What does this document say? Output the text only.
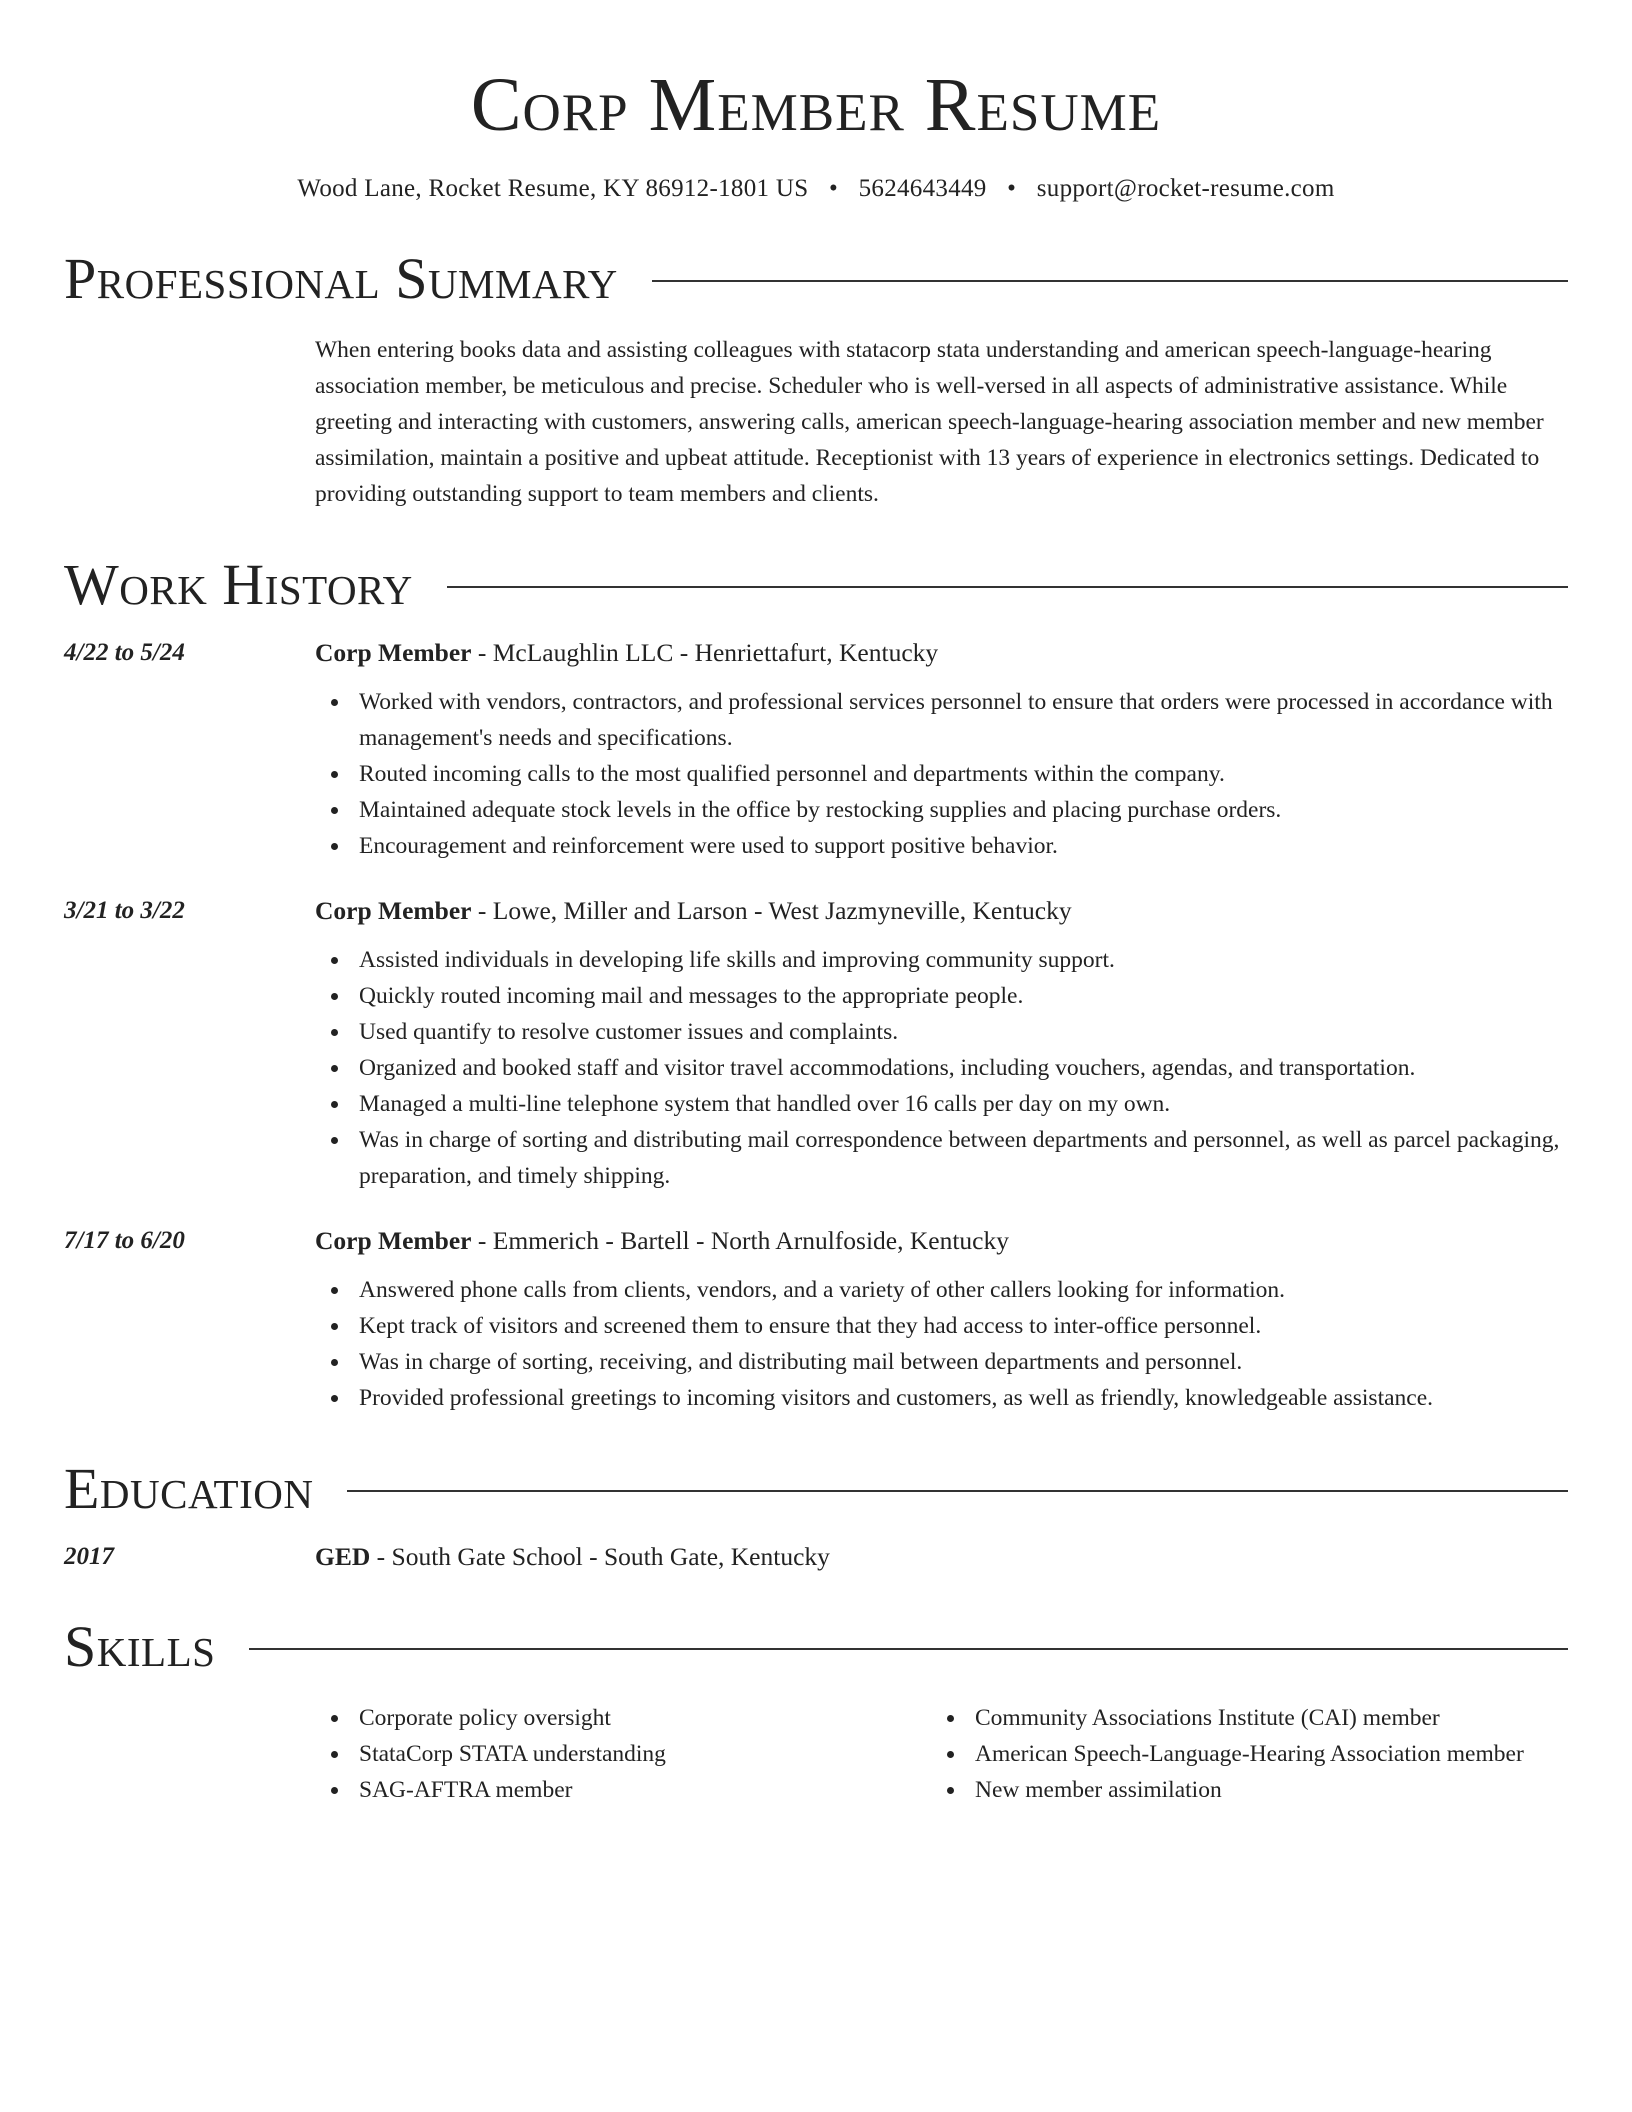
Corp Member Resume
Wood Lane, Rocket Resume, KY 86912-1801 US • 5624643449 • support@rocket-resume.com
Professional Summary
When entering books data and assisting colleagues with statacorp stata understanding and american speech-language-hearing association member, be meticulous and precise. Scheduler who is well-versed in all aspects of administrative assistance. While greeting and interacting with customers, answering calls, american speech-language-hearing association member and new member assimilation, maintain a positive and upbeat attitude. Receptionist with 13 years of experience in electronics settings. Dedicated to providing outstanding support to team members and clients.
Work History
4/22 to 5/24	Corp Member - McLaughlin LLC - Henriettafurt, Kentucky
Worked with vendors, contractors, and professional services personnel to ensure that orders were processed in accordance with management's needs and specifications.
Routed incoming calls to the most qualified personnel and departments within the company.
Maintained adequate stock levels in the office by restocking supplies and placing purchase orders.
Encouragement and reinforcement were used to support positive behavior.
3/21 to 3/22	Corp Member - Lowe, Miller and Larson - West Jazmyneville, Kentucky
Assisted individuals in developing life skills and improving community support.
Quickly routed incoming mail and messages to the appropriate people.
Used quantify to resolve customer issues and complaints.
Organized and booked staff and visitor travel accommodations, including vouchers, agendas, and transportation.
Managed a multi-line telephone system that handled over 16 calls per day on my own.
Was in charge of sorting and distributing mail correspondence between departments and personnel, as well as parcel packaging, preparation, and timely shipping.
7/17 to 6/20	Corp Member - Emmerich - Bartell - North Arnulfoside, Kentucky
Answered phone calls from clients, vendors, and a variety of other callers looking for information.
Kept track of visitors and screened them to ensure that they had access to inter-office personnel.
Was in charge of sorting, receiving, and distributing mail between departments and personnel.
Provided professional greetings to incoming visitors and customers, as well as friendly, knowledgeable assistance.
Education
2017	GED - South Gate School - South Gate, Kentucky
Skills
Corporate policy oversight
StataCorp STATA understanding
SAG-AFTRA member
Community Associations Institute (CAI) member
American Speech-Language-Hearing Association member
New member assimilation
